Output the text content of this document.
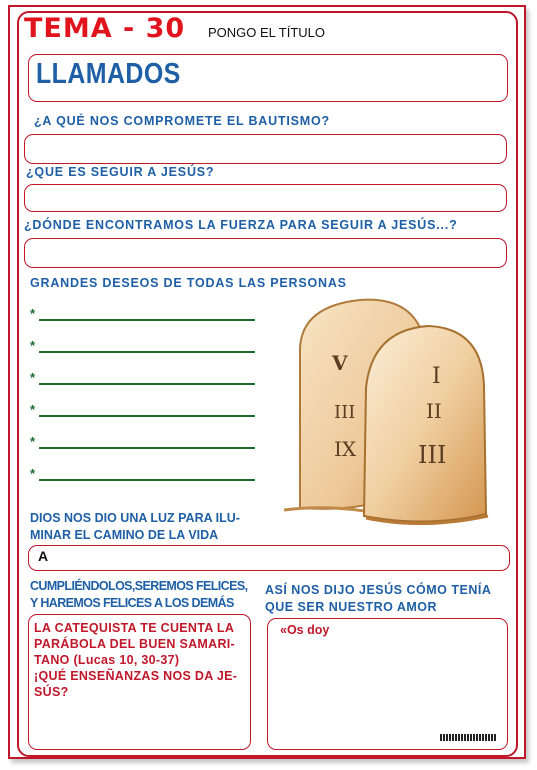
TEMA - 30 PONGO EL TÍTULO
LLAMADOS
¿A QUÉ NOS COMPROMETE EL BAUTISMO?
¿QUE ES SEGUIR A JESÚS?
¿DÓNDE ENCONTRAMOS LA FUERZA PARA SEGUIR A JESÚS...?
GRANDES DESEOS DE TODAS LAS PERSONAS
*
*
*
*
*
*
V
III
IX
I
II
III
DIOS NOS DIO UNA LUZ PARA ILU-
MINAR EL CAMINO DE LA VIDA
A
CUMPLIÉNDOLOS,SEREMOS FELICES,
Y HAREMOS FELICES A LOS DEMÁS
ASÍ NOS DIJO JESÚS CÓMO TENÍA
QUE SER NUESTRO AMOR
LA CATEQUISTA TE CUENTA LA
PARÁBOLA DEL BUEN SAMARI-
TANO (Lucas 10, 30-37)
¡QUÉ ENSEÑANZAS NOS DA JE-
SÚS?
«Os doy
